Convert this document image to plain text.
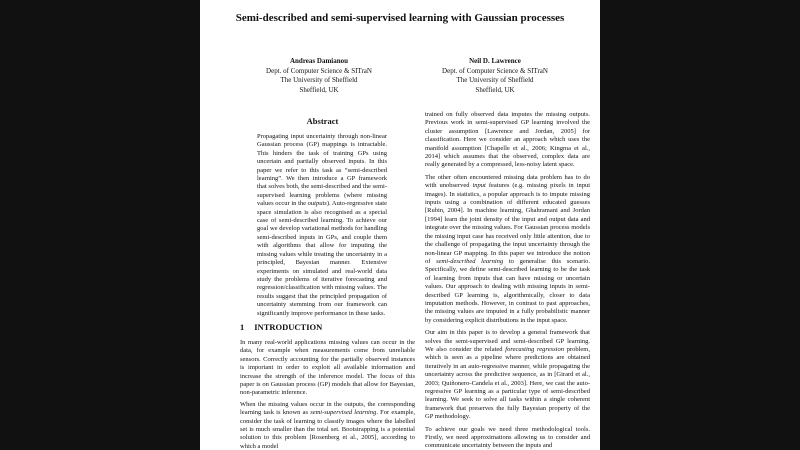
Semi-described and semi-supervised learning with Gaussian processes
Andreas Damianou
Dept. of Computer Science & SITraN
The University of Sheffield
Sheffield, UK
Neil D. Lawrence
Dept. of Computer Science & SITraN
The University of Sheffield
Sheffield, UK
Abstract

Propagating input uncertainty through non-linear Gaussian process (GP) mappings is intractable. This hinders the task of training GPs using uncertain and partially observed inputs. In this paper we refer to this task as “semi-described learning”. We then introduce a GP framework that solves both, the semi-described and the semi-supervised learning problems (where missing values occur in the outputs). Auto-regressive state space simulation is also recognised as a special case of semi-described learning. To achieve our goal we develop variational methods for handling semi-described inputs in GPs, and couple them with algorithms that allow for imputing the missing values while treating the uncertainty in a principled, Bayesian manner. Extensive experiments on simulated and real-world data study the problems of iterative forecasting and regression/classification with missing values. The results suggest that the principled propagation of uncertainty stemming from our framework can significantly improve performance in these tasks.

1 INTRODUCTION

In many real-world applications missing values can occur in the data, for example when measurements come from unreliable sensors. Correctly accounting for the partially observed instances is important in order to exploit all available information and increase the strength of the inference model. The focus of this paper is on Gaussian process (GP) models that allow for Bayesian, non-parametric inference.

When the missing values occur in the outputs, the corresponding learning task is known as semi-supervised learning. For example, consider the task of learning to classify images where the labelled set is much smaller than the total set. Bootstrapping is a potential solution to this problem [Rosenberg et al., 2005], according to which a model

trained on fully observed data imputes the missing outputs. Previous work in semi-supervised GP learning involved the cluster assumption [Lawrence and Jordan, 2005] for classification. Here we consider an approach which uses the manifold assumption [Chapelle et al., 2006; Kingma et al., 2014] which assumes that the observed, complex data are really generated by a compressed, less-noisy latent space.

The other often encountered missing data problem has to do with unobserved input features (e.g. missing pixels in input images). In statistics, a popular approach is to impute missing inputs using a combination of different educated guesses [Rubin, 2004]. In machine learning, Ghahramani and Jordan [1994] learn the joint density of the input and output data and integrate over the missing values. For Gaussian process models the missing input case has received only little attention, due to the challenge of propagating the input uncertainty through the non-linear GP mapping. In this paper we introduce the notion of semi-described learning to generalise this scenario. Specifically, we define semi-described learning to be the task of learning from inputs that can have missing or uncertain values. Our approach to dealing with missing inputs in semi-described GP learning is, algorithmically, closer to data imputation methods. However, in contrast to past approaches, the missing values are imputed in a fully probabilistic manner by considering explicit distributions in the input space.

Our aim in this paper is to develop a general framework that solves the semi-supervised and semi-described GP learning. We also consider the related forecasting regression problem, which is seen as a pipeline where predictions are obtained iteratively in an auto-regressive manner, while propagating the uncertainty across the predictive sequence, as in [Girard et al., 2003; Quiñonero-Candela et al., 2003]. Here, we cast the auto-regressive GP learning as a particular type of semi-described learning. We seek to solve all tasks within a single coherent framework that preserves the fully Bayesian property of the GP methodology.

To achieve our goals we need three methodological tools. Firstly, we need approximations allowing us to consider and communicate uncertainty between the inputs and
